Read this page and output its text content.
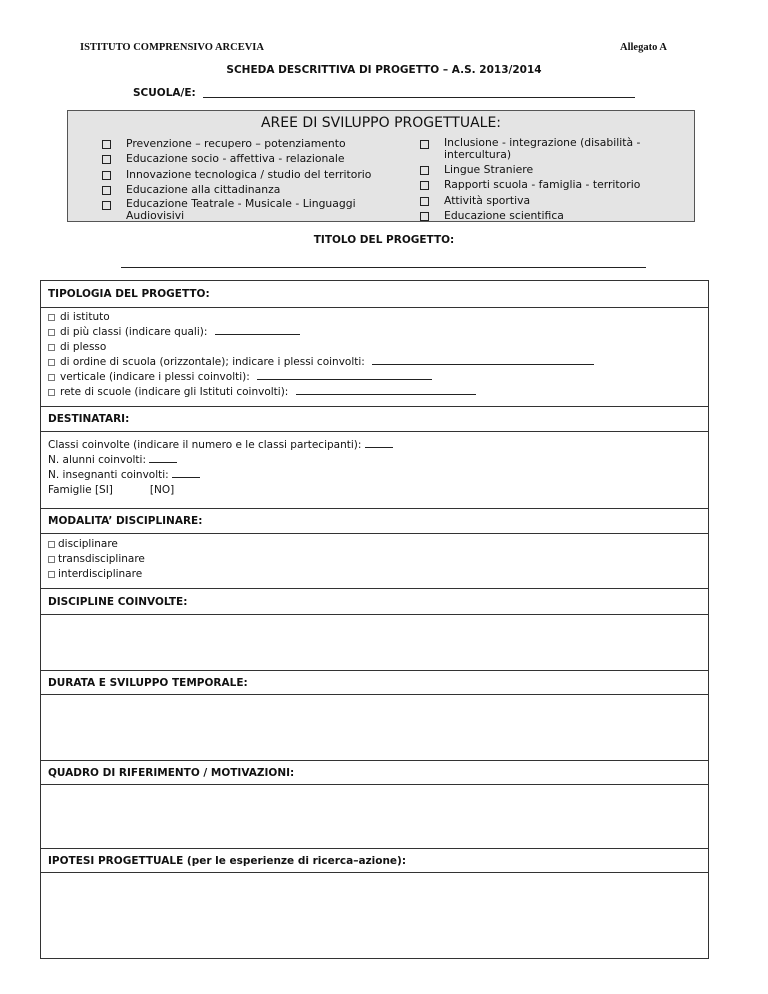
ISTITUTO COMPRENSIVO ARCEVIA	Allegato A
SCHEDA DESCRITTIVA DI PROGETTO – A.S. 2013/2014
SCUOLA/E:
AREE DI SVILUPPO PROGETTUALE:
Prevenzione – recupero – potenziamento
Educazione socio - affettiva - relazionale
Innovazione tecnologica / studio del territorio
Educazione alla cittadinanza
Educazione Teatrale - Musicale - Linguaggi Audiovisivi
Inclusione - integrazione (disabilità - intercultura)
Lingue Straniere
Rapporti scuola - famiglia - territorio
Attività sportiva
Educazione scientifica
TITOLO DEL PROGETTO:
TIPOLOGIA DEL PROGETTO:
di istituto
di più classi (indicare quali):
di plesso
di ordine di scuola (orizzontale); indicare i plessi coinvolti:
verticale (indicare i plessi coinvolti):
rete di scuole (indicare gli Istituti coinvolti):
DESTINATARI:
Classi coinvolte (indicare il numero e le classi partecipanti):
N. alunni coinvolti:
N. insegnanti coinvolti:
Famiglie [SI]	[NO]
MODALITA’ DISCIPLINARE:
disciplinare
transdisciplinare
interdisciplinare
DISCIPLINE COINVOLTE:
DURATA E SVILUPPO TEMPORALE:
QUADRO DI RIFERIMENTO / MOTIVAZIONI:
IPOTESI PROGETTUALE (per le esperienze di ricerca–azione):
